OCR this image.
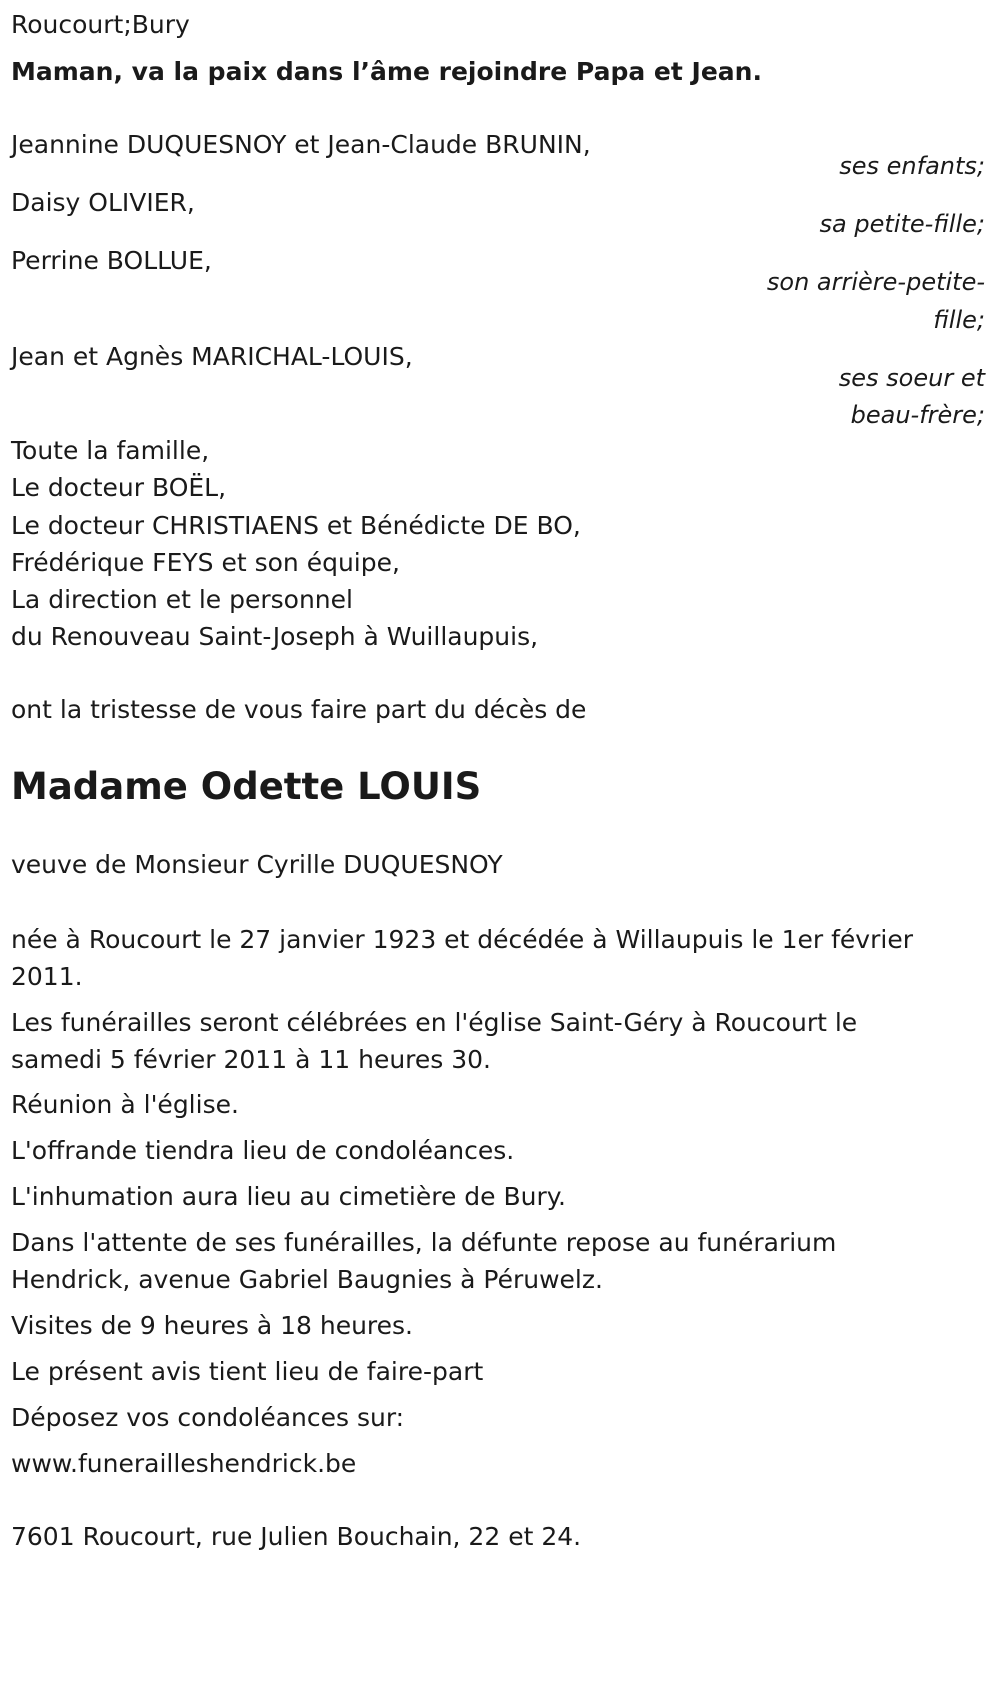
Roucourt;Bury
Maman, va la paix dans l’âme rejoindre Papa et Jean.
Jeannine DUQUESNOY et Jean-Claude BRUNIN,
ses enfants;
Daisy OLIVIER,
sa petite-fille;
Perrine BOLLUE,
son arrière-petite-
fille;
Jean et Agnès MARICHAL-LOUIS,
ses soeur et
beau-frère;
Toute la famille,
Le docteur BOËL,
Le docteur CHRISTIAENS et Bénédicte DE BO,
Frédérique FEYS et son équipe,
La direction et le personnel
du Renouveau Saint-Joseph à Wuillaupuis,
ont la tristesse de vous faire part du décès de
Madame Odette LOUIS
veuve de Monsieur Cyrille DUQUESNOY
née à Roucourt le 27 janvier 1923 et décédée à Willaupuis le 1er février
2011.
Les funérailles seront célébrées en l'église Saint-Géry à Roucourt le
samedi 5 février 2011 à 11 heures 30.
Réunion à l'église.
L'offrande tiendra lieu de condoléances.
L'inhumation aura lieu au cimetière de Bury.
Dans l'attente de ses funérailles, la défunte repose au funérarium
Hendrick, avenue Gabriel Baugnies à Péruwelz.
Visites de 9 heures à 18 heures.
Le présent avis tient lieu de faire-part
Déposez vos condoléances sur:
www.funerailleshendrick.be
7601 Roucourt, rue Julien Bouchain, 22 et 24.
